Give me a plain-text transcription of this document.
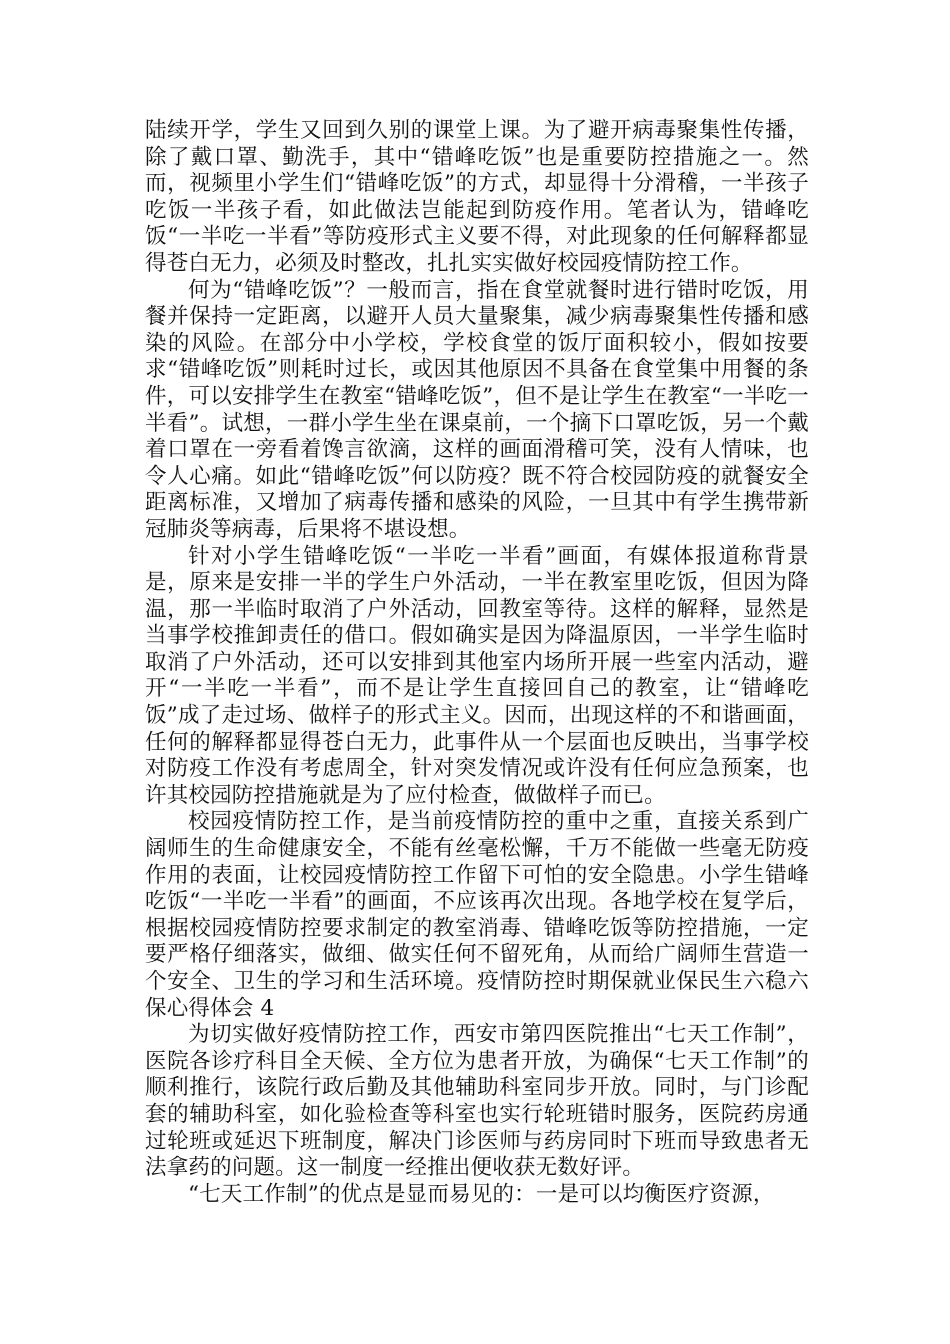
陆续开学，学生又回到久别的课堂上课。为了避开病毒聚集性传播，除了戴口罩、勤洗手，其中“错峰吃饭”也是重要防控措施之一。然而，视频里小学生们“错峰吃饭”的方式，却显得十分滑稽，一半孩子吃饭一半孩子看，如此做法岂能起到防疫作用。笔者认为，错峰吃饭“一半吃一半看”等防疫形式主义要不得，对此现象的任何解释都显得苍白无力，必须及时整改，扎扎实实做好校园疫情防控工作。

何为“错峰吃饭”？一般而言，指在食堂就餐时进行错时吃饭，用餐并保持一定距离，以避开人员大量聚集，减少病毒聚集性传播和感染的风险。在部分中小学校，学校食堂的饭厅面积较小，假如按要求“错峰吃饭”则耗时过长，或因其他原因不具备在食堂集中用餐的条件，可以安排学生在教室“错峰吃饭”，但不是让学生在教室“一半吃一半看”。试想，一群小学生坐在课桌前，一个摘下口罩吃饭，另一个戴着口罩在一旁看着馋言欲滴，这样的画面滑稽可笑，没有人情味，也令人心痛。如此“错峰吃饭”何以防疫？既不符合校园防疫的就餐安全距离标准，又增加了病毒传播和感染的风险，一旦其中有学生携带新冠肺炎等病毒，后果将不堪设想。

针对小学生错峰吃饭“一半吃一半看”画面，有媒体报道称背景是，原来是安排一半的学生户外活动，一半在教室里吃饭，但因为降温，那一半临时取消了户外活动，回教室等待。这样的解释，显然是当事学校推卸责任的借口。假如确实是因为降温原因，一半学生临时取消了户外活动，还可以安排到其他室内场所开展一些室内活动，避开“一半吃一半看”，而不是让学生直接回自己的教室，让“错峰吃饭”成了走过场、做样子的形式主义。因而，出现这样的不和谐画面，任何的解释都显得苍白无力，此事件从一个层面也反映出，当事学校对防疫工作没有考虑周全，针对突发情况或许没有任何应急预案，也许其校园防控措施就是为了应付检查，做做样子而已。

校园疫情防控工作，是当前疫情防控的重中之重，直接关系到广阔师生的生命健康安全，不能有丝毫松懈，千万不能做一些毫无防疫作用的表面，让校园疫情防控工作留下可怕的安全隐患。小学生错峰吃饭“一半吃一半看”的画面，不应该再次出现。各地学校在复学后，根据校园疫情防控要求制定的教室消毒、错峰吃饭等防控措施，一定要严格仔细落实，做细、做实任何不留死角，从而给广阔师生营造一个安全、卫生的学习和生活环境。疫情防控时期保就业保民生六稳六保心得体会 4

为切实做好疫情防控工作，西安市第四医院推出“七天工作制”，医院各诊疗科目全天候、全方位为患者开放，为确保“七天工作制”的顺利推行，该院行政后勤及其他辅助科室同步开放。同时，与门诊配套的辅助科室，如化验检查等科室也实行轮班错时服务，医院药房通过轮班或延迟下班制度，解决门诊医师与药房同时下班而导致患者无法拿药的问题。这一制度一经推出便收获无数好评。

“七天工作制”的优点是显而易见的：一是可以均衡医疗资源，
